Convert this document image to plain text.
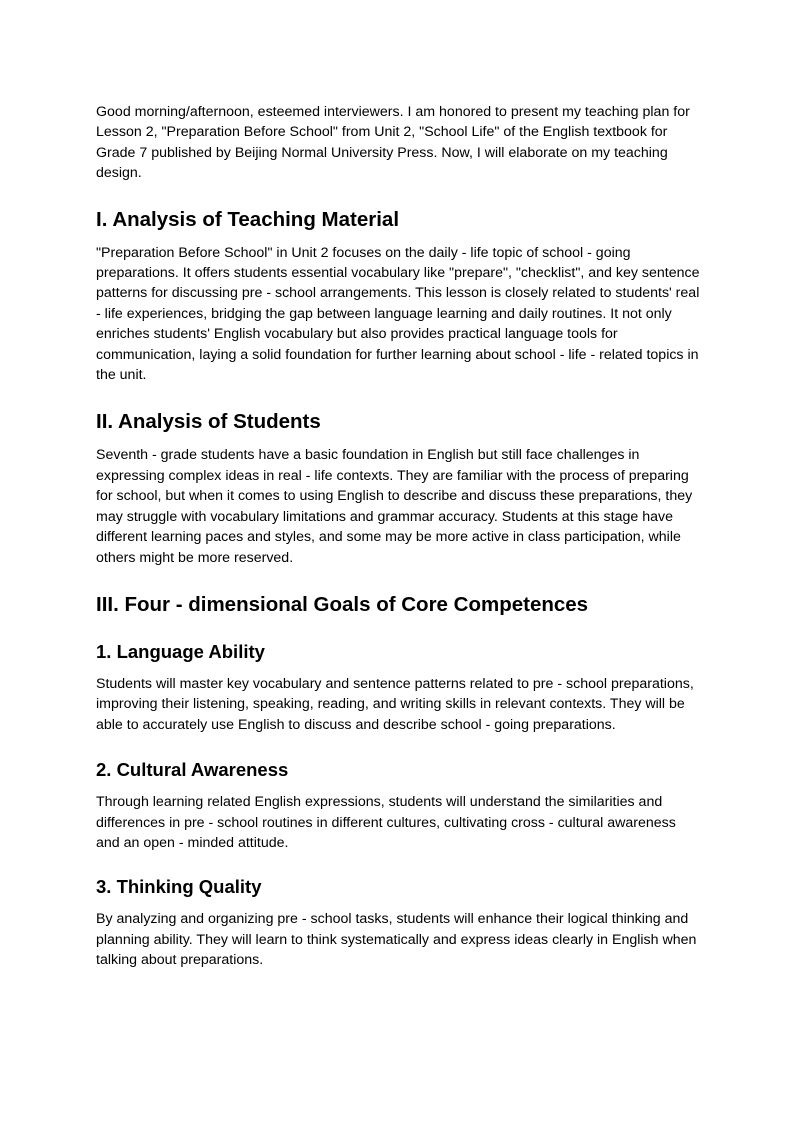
Good morning/afternoon, esteemed interviewers. I am honored to present my teaching plan for Lesson 2, "Preparation Before School" from Unit 2, "School Life" of the English textbook for Grade 7 published by Beijing Normal University Press. Now, I will elaborate on my teaching design.

I. Analysis of Teaching Material

"Preparation Before School" in Unit 2 focuses on the daily - life topic of school - going preparations. It offers students essential vocabulary like "prepare", "checklist", and key sentence patterns for discussing pre - school arrangements. This lesson is closely related to students' real - life experiences, bridging the gap between language learning and daily routines. It not only enriches students' English vocabulary but also provides practical language tools for communication, laying a solid foundation for further learning about school - life - related topics in the unit.

II. Analysis of Students

Seventh - grade students have a basic foundation in English but still face challenges in expressing complex ideas in real - life contexts. They are familiar with the process of preparing for school, but when it comes to using English to describe and discuss these preparations, they may struggle with vocabulary limitations and grammar accuracy. Students at this stage have different learning paces and styles, and some may be more active in class participation, while others might be more reserved.

III. Four - dimensional Goals of Core Competences
1. Language Ability

Students will master key vocabulary and sentence patterns related to pre - school preparations, improving their listening, speaking, reading, and writing skills in relevant contexts. They will be able to accurately use English to discuss and describe school - going preparations.

2. Cultural Awareness

Through learning related English expressions, students will understand the similarities and differences in pre - school routines in different cultures, cultivating cross - cultural awareness and an open - minded attitude.

3. Thinking Quality

By analyzing and organizing pre - school tasks, students will enhance their logical thinking and planning ability. They will learn to think systematically and express ideas clearly in English when talking about preparations.
